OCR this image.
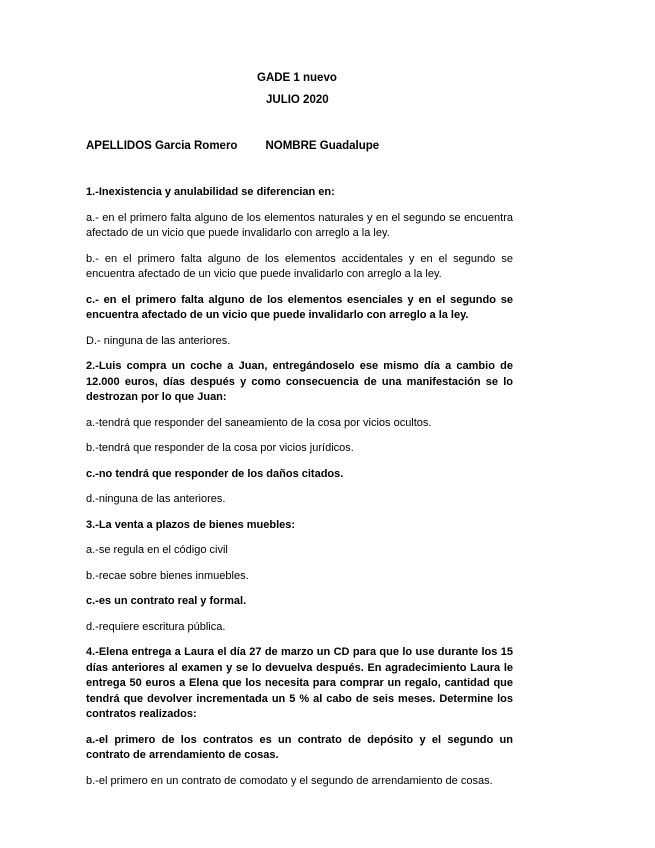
GADE 1 nuevo
JULIO 2020
APELLIDOS Garcia Romero NOMBRE Guadalupe

1.-Inexistencia y anulabilidad se diferencian en:

a.- en el primero falta alguno de los elementos naturales y en el segundo se encuentra afectado de un vicio que puede invalidarlo con arreglo a la ley.

b.- en el primero falta alguno de los elementos accidentales y en el segundo se encuentra afectado de un vicio que puede invalidarlo con arreglo a la ley.

c.- en el primero falta alguno de los elementos esenciales y en el segundo se encuentra afectado de un vicio que puede invalidarlo con arreglo a la ley.

D.- ninguna de las anteriores.

2.-Luis compra un coche a Juan, entregándoselo ese mismo día a cambio de 12.000 euros, días después y como consecuencia de una manifestación se lo destrozan por lo que Juan:

a.-tendrá que responder del saneamiento de la cosa por vicios ocultos.

b.-tendrá que responder de la cosa por vicios jurídicos.

c.-no tendrá que responder de los daños citados.

d.-ninguna de las anteriores.

3.-La venta a plazos de bienes muebles:

a.-se regula en el código civil

b.-recae sobre bienes inmuebles.

c.-es un contrato real y formal.

d.-requiere escritura pública.

4.-Elena entrega a Laura el día 27 de marzo un CD para que lo use durante los 15 días anteriores al examen y se lo devuelva después. En agradecimiento Laura le entrega 50 euros a Elena que los necesita para comprar un regalo, cantidad que tendrá que devolver incrementada un 5 % al cabo de seis meses. Determine los contratos realizados:

a.-el primero de los contratos es un contrato de depósito y el segundo un contrato de arrendamiento de cosas.

b.-el primero en un contrato de comodato y el segundo de arrendamiento de cosas.
